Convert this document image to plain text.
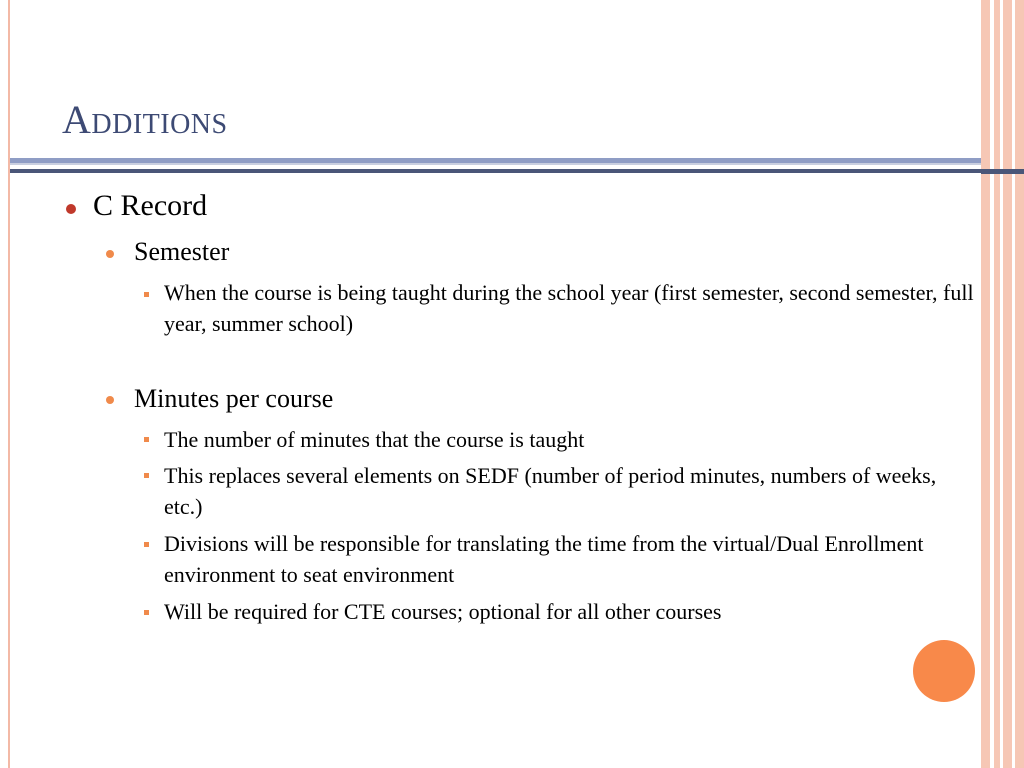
Additions
C Record
Semester
When the course is being taught during the school year (first semester, second semester, full year, summer school)
Minutes per course
The number of minutes that the course is taught
This replaces several elements on SEDF (number of period minutes, numbers of weeks, etc.)
Divisions will be responsible for translating the time from the virtual/Dual Enrollment environment to seat environment
Will be required for CTE courses; optional for all other courses
